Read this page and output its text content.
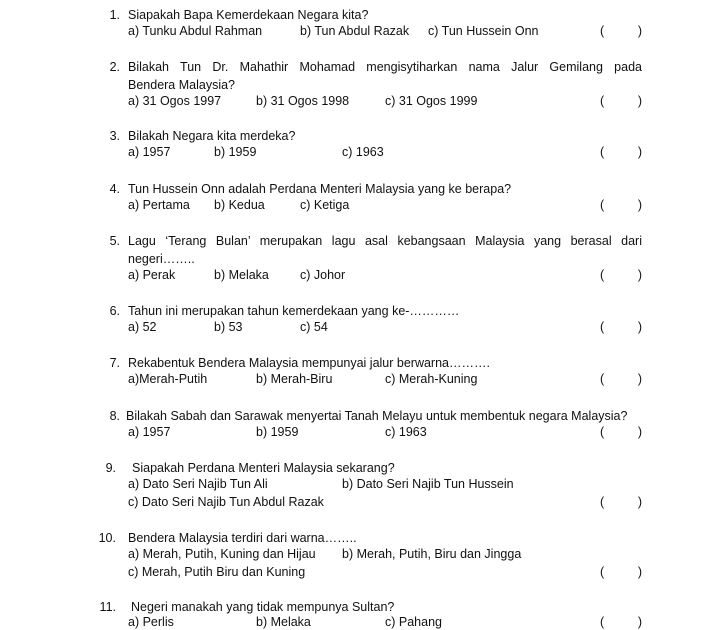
1. Siapakah Bapa Kemerdekaan Negara kita?
a) Tunku Abdul Rahman	b) Tun Abdul Razak c) Tun Hussein Onn	(	)
2. Bilakah Tun Dr. Mahathir Mohamad mengisytiharkan nama Jalur Gemilang pada
Bendera Malaysia?
a) 31 Ogos 1997	b) 31 Ogos 1998	c) 31 Ogos 1999	(	)
3. Bilakah Negara kita merdeka?
a) 1957	b) 1959	c) 1963	(	)
4. Tun Hussein Onn adalah Perdana Menteri Malaysia yang ke berapa?
a) Pertama b) Kedua	c) Ketiga	(	)
5. Lagu ‘Terang Bulan’ merupakan lagu asal kebangsaan Malaysia yang berasal dari
negeri……..
a) Perak	b) Melaka c) Johor	(	)
6. Tahun ini merupakan tahun kemerdekaan yang ke-…………
a) 52	b) 53	c) 54	(	)
7. Rekabentuk Bendera Malaysia mempunyai jalur berwarna……….
a)Merah-Putih	b) Merah-Biru	c) Merah-Kuning	(	)
8. Bilakah Sabah dan Sarawak menyertai Tanah Melayu untuk membentuk negara Malaysia?
a) 1957	b) 1959	c) 1963	(	)
9. Siapakah Perdana Menteri Malaysia sekarang?
a) Dato Seri Najib Tun Ali	b) Dato Seri Najib Tun Hussein
c) Dato Seri Najib Tun Abdul Razak	(	)
10. Bendera Malaysia terdiri dari warna……..
a) Merah, Putih, Kuning dan Hijau b) Merah, Putih, Biru dan Jingga
c) Merah, Putih Biru dan Kuning	(	)
11. Negeri manakah yang tidak mempunya Sultan?
a) Perlis	b) Melaka	c) Pahang	(	)
